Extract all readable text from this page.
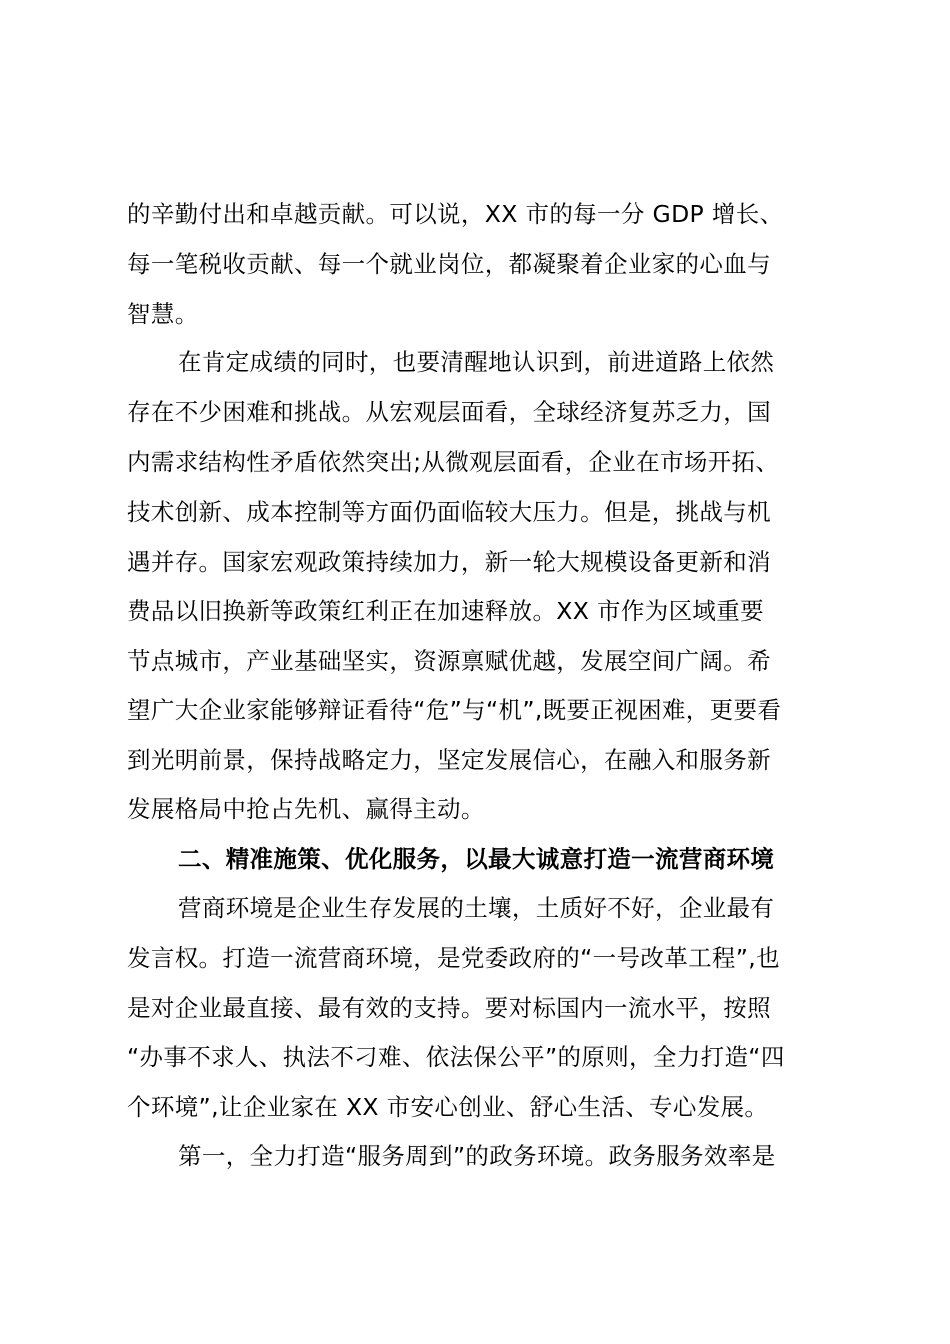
的辛勤付出和卓越贡献。可以说，XX 市的每一分 GDP 增长、
每一笔税收贡献、每一个就业岗位，都凝聚着企业家的心血与
智慧。
在肯定成绩的同时，也要清醒地认识到，前进道路上依然
存在不少困难和挑战。从宏观层面看，全球经济复苏乏力，国
内需求结构性矛盾依然突出;从微观层面看，企业在市场开拓、
技术创新、成本控制等方面仍面临较大压力。但是，挑战与机
遇并存。国家宏观政策持续加力，新一轮大规模设备更新和消
费品以旧换新等政策红利正在加速释放。XX 市作为区域重要
节点城市，产业基础坚实，资源禀赋优越，发展空间广阔。希
望广大企业家能够辩证看待“危”与“机”,既要正视困难，更要看
到光明前景，保持战略定力，坚定发展信心，在融入和服务新
发展格局中抢占先机、赢得主动。
二、精准施策、优化服务，以最大诚意打造一流营商环境
营商环境是企业生存发展的土壤，土质好不好，企业最有
发言权。打造一流营商环境，是党委政府的“一号改革工程”,也
是对企业最直接、最有效的支持。要对标国内一流水平，按照
“办事不求人、执法不刁难、依法保公平”的原则，全力打造“四
个环境”,让企业家在 XX 市安心创业、舒心生活、专心发展。
第一，全力打造“服务周到”的政务环境。政务服务效率是
